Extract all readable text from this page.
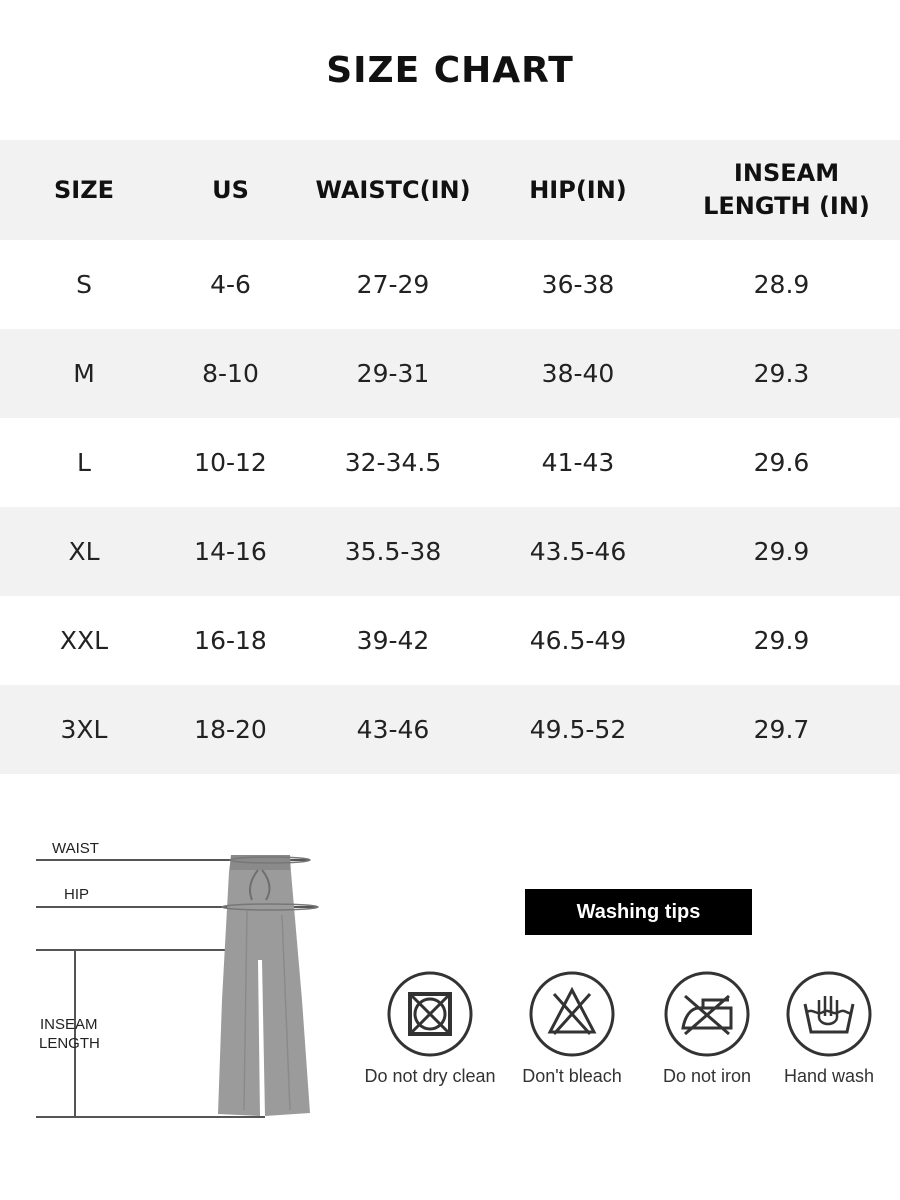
SIZE CHART
SIZE	US	WAISTC(IN)	HIP(IN)	INSEAM LENGTH (IN)
S	4-6	27-29	36-38	28.9
M	8-10	29-31	38-40	29.3
L	10-12	32-34.5	41-43	29.6
XL	14-16	35.5-38	43.5-46	29.9
XXL	16-18	39-42	46.5-49	29.9
3XL	18-20	43-46	49.5-52	29.7
WAIST
HIP
INSEAM
LENGTH
Washing tips
Do not dry clean	Don't bleach	Do not iron	Hand wash
